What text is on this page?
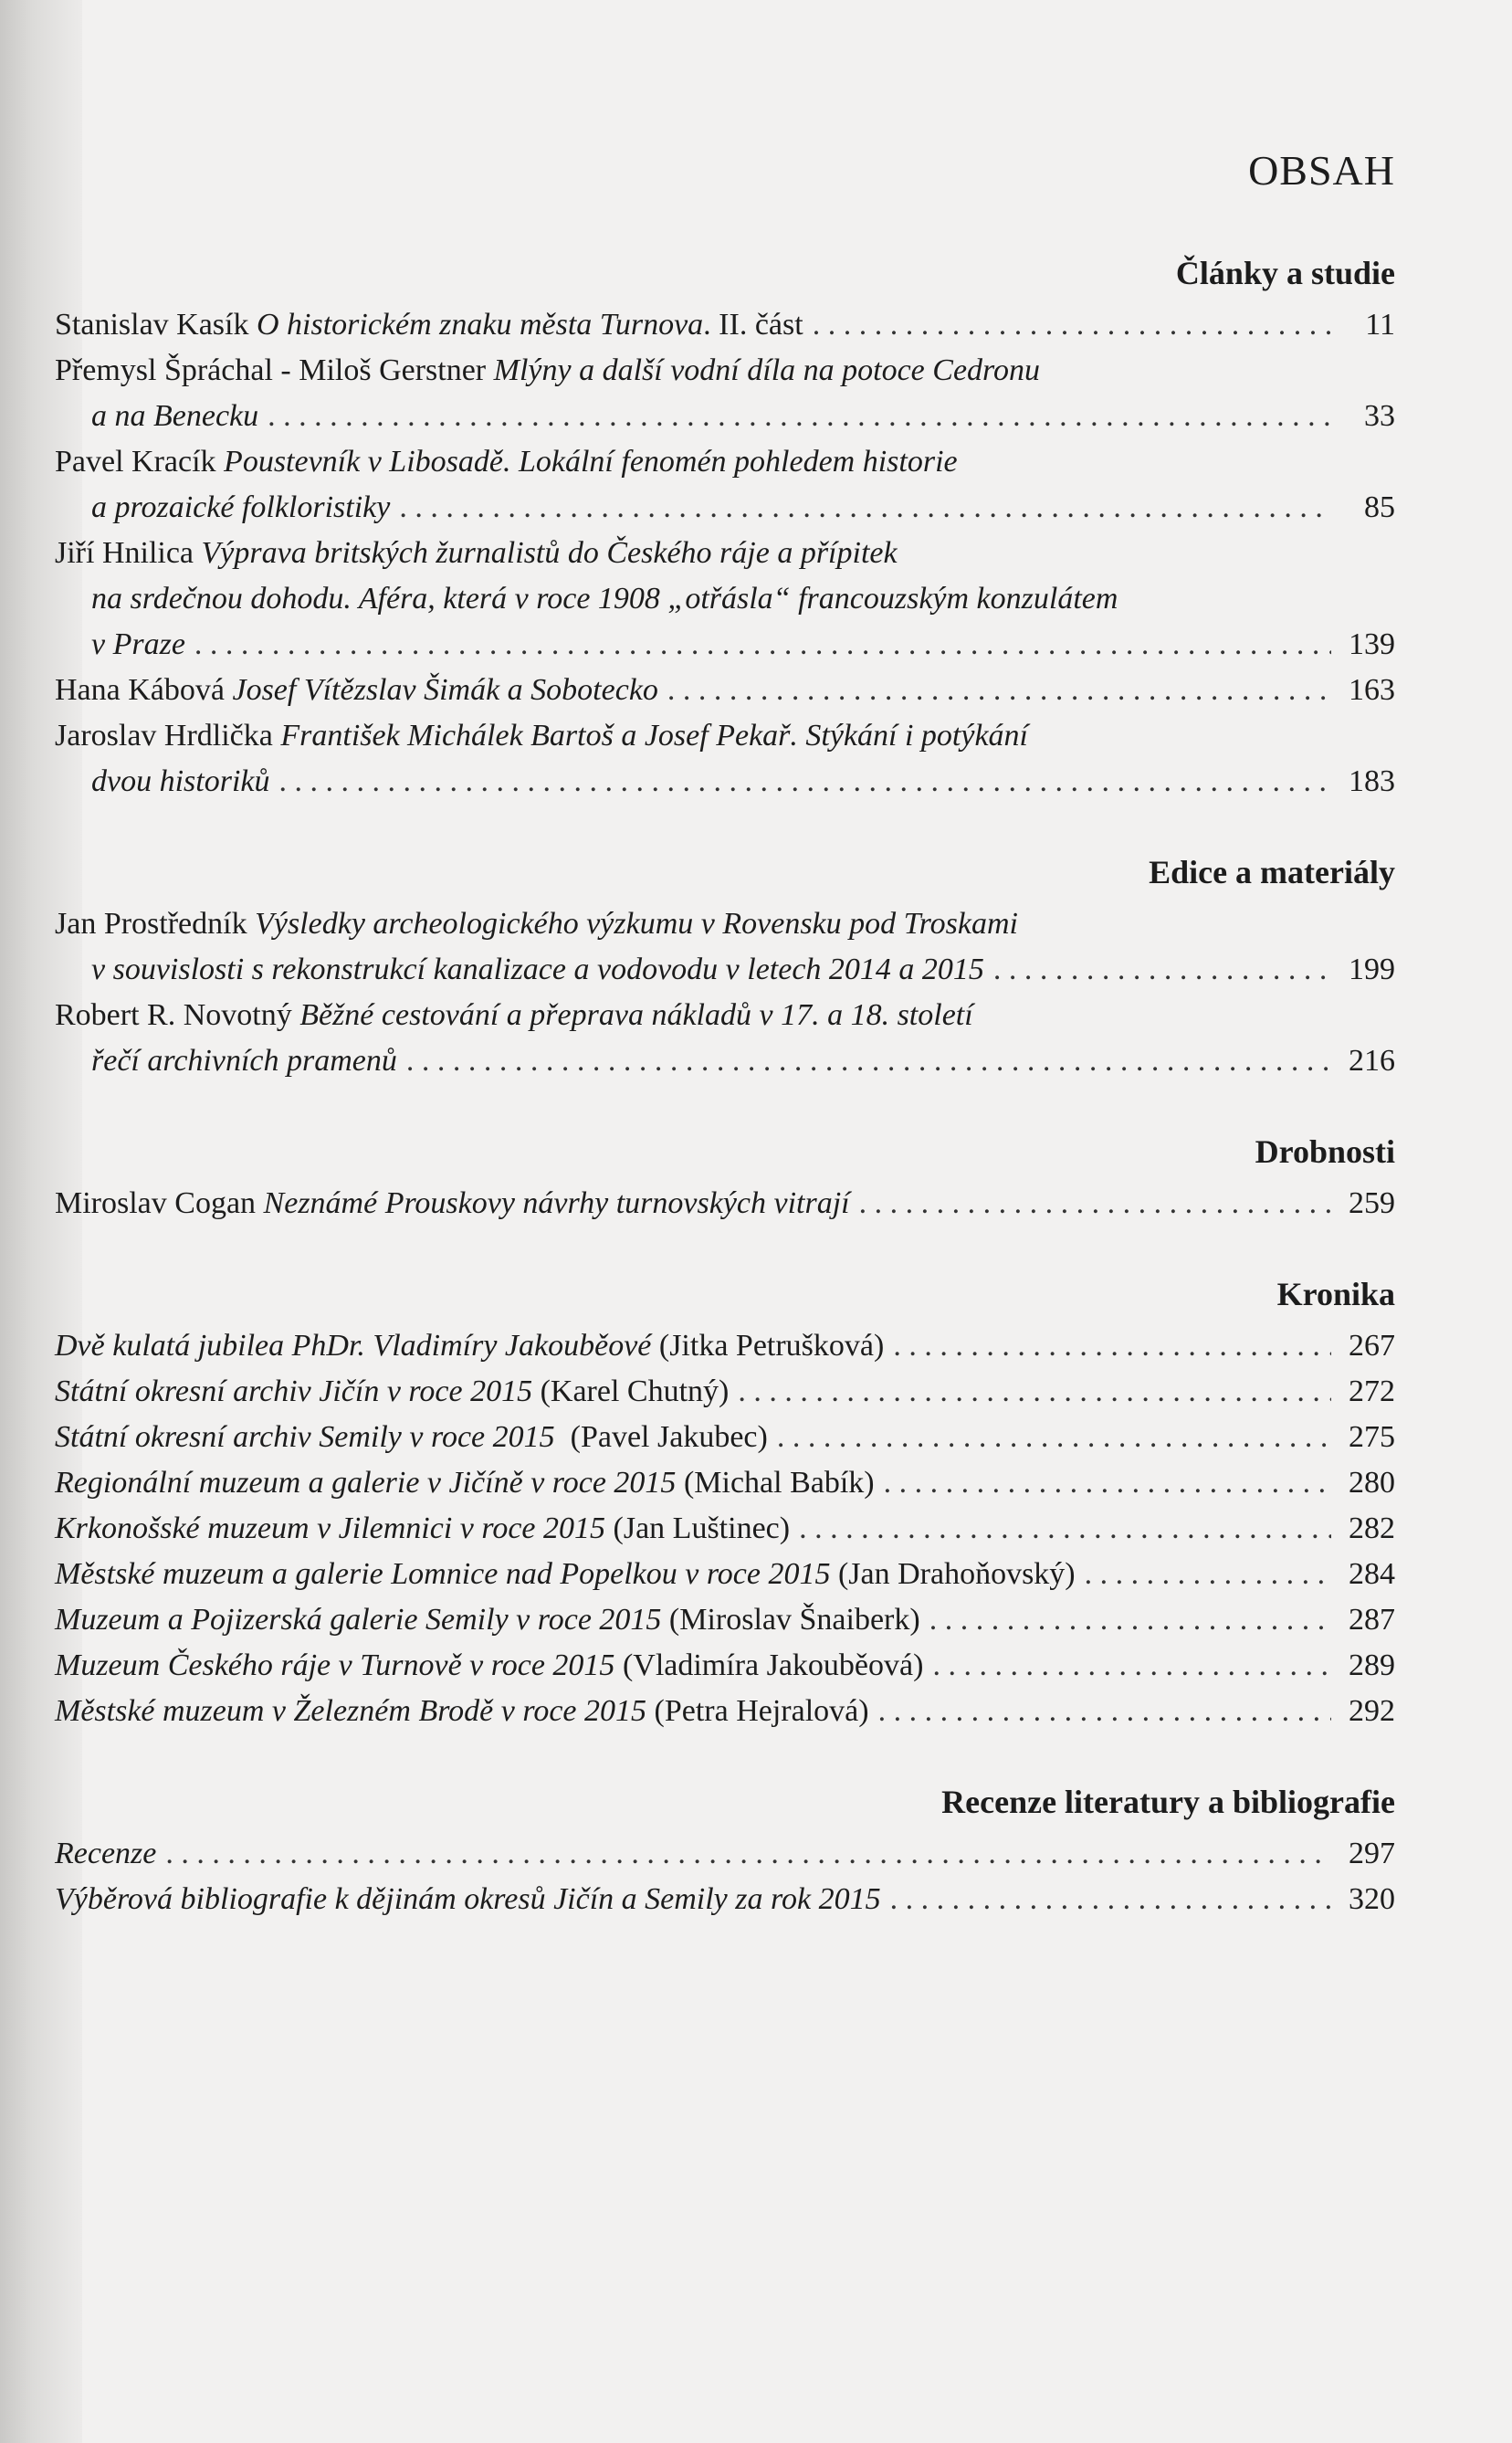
OBSAH
Články a studie
Stanislav Kasík O historickém znaku města Turnova . II. část . . .	11
Přemysl Špráchal - Miloš Gerstner Mlýny a další vodní díla na potoce Cedronu
a na Benecku . . .	33
Pavel Kracík Poustevník v Libosadě. Lokální fenomén pohledem historie
a prozaické folkloristiky . . .	85
Jiří Hnilica Výprava britských žurnalistů do Českého ráje a přípitek
na srdečnou dohodu. Aféra, která v roce 1908 „otřásla“ francouzským konzulátem
v Praze . . .	139
Hana Kábová Josef Vítězslav Šimák a Sobotecko . . .	163
Jaroslav Hrdlička František Michálek Bartoš a Josef Pekař. Stýkání i potýkání
dvou historiků . . .	183
Edice a materiály
Jan Prostředník Výsledky archeologického výzkumu v Rovensku pod Troskami
v souvislosti s rekonstrukcí kanalizace a vodovodu v letech 2014 a 2015 . . .	199
Robert R. Novotný Běžné cestování a přeprava nákladů v 17. a 18. století
řečí archivních pramenů . . .	216
Drobnosti
Miroslav Cogan Neznámé Prouskovy návrhy turnovských vitrají . . .	259
Kronika
Dvě kulatá jubilea PhDr. Vladimíry Jakouběové (Jitka Petrušková) . . .	267
Státní okresní archiv Jičín v roce 2015 (Karel Chutný) . . .	272
Státní okresní archiv Semily v roce 2015 (Pavel Jakubec) . . .	275
Regionální muzeum a galerie v Jičíně v roce 2015 (Michal Babík) . . .	280
Krkonošské muzeum v Jilemnici v roce 2015 (Jan Luštinec) . . .	282
Městské muzeum a galerie Lomnice nad Popelkou v roce 2015 (Jan Drahoňovský) . . .	284
Muzeum a Pojizerská galerie Semily v roce 2015 (Miroslav Šnaiberk) . . .	287
Muzeum Českého ráje v Turnově v roce 2015 (Vladimíra Jakouběová) . . .	289
Městské muzeum v Železném Brodě v roce 2015 (Petra Hejralová) . . .	292
Recenze literatury a bibliografie
Recenze . . .	297
Výběrová bibliografie k dějinám okresů Jičín a Semily za rok 2015 . . .	320
